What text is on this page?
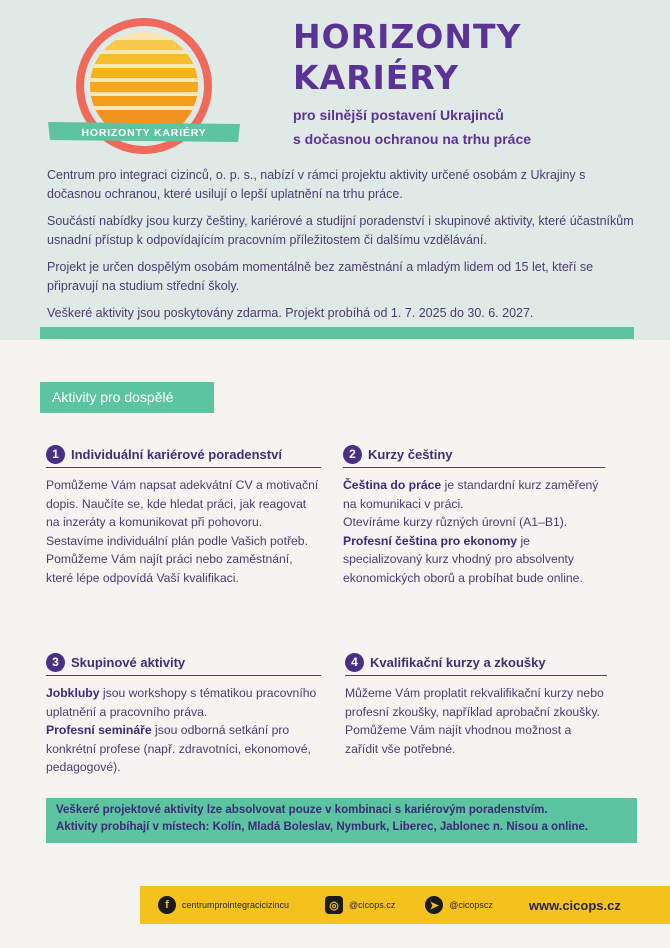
HORIZONTY KARIÉRY
HORIZONTY
KARIÉRY
pro silnější postavení Ukrajinců
s dočasnou ochranou na trhu práce

Centrum pro integraci cizinců, o. p. s., nabízí v rámci projektu aktivity určené osobám z Ukrajiny s dočasnou ochranou, které usilují o lepší uplatnění na trhu práce.

Součástí nabídky jsou kurzy češtiny, kariérové a studijní poradenství i skupinové aktivity, které účastníkům usnadní přístup k odpovídajícím pracovním příležitostem či dalšímu vzdělávání.

Projekt je určen dospělým osobám momentálně bez zaměstnání a mladým lidem od 15 let, kteří se připravují na studium střední školy.

Veškeré aktivity jsou poskytovány zdarma. Projekt probíhá od 1. 7. 2025 do 30. 6. 2027.

Aktivity pro dospělé
1 Individuální kariérové poradenství
Pomůžeme Vám napsat adekvátní CV a motivační dopis. Naučíte se, kde hledat práci, jak reagovat na inzeráty a komunikovat při pohovoru. Sestavíme individuální plán podle Vašich potřeb. Pomůžeme Vám najít práci nebo zaměstnání, které lépe odpovídá Vaší kvalifikaci.
2 Kurzy češtiny
Čeština do práce je standardní kurz zaměřený na komunikaci v práci.
Otevíráme kurzy různých úrovní (A1–B1).
Profesní čeština pro ekonomy je specializovaný kurz vhodný pro absolventy ekonomických oborů a probíhat bude online.
3 Skupinové aktivity
Jobkluby jsou workshopy s tématikou pracovního uplatnění a pracovního práva.
Profesní semináře jsou odborná setkání pro konkrétní profese (např. zdravotníci, ekonomové, pedagogové).
4 Kvalifikační kurzy a zkoušky
Můžeme Vám proplatit rekvalifikační kurzy nebo profesní zkoušky, například aprobační zkoušky.
Pomůžeme Vám najít vhodnou možnost a zařídit vše potřebné.
Veškeré projektové aktivity lze absolvovat pouze v kombinaci s kariérovým poradenstvím.
Aktivity probíhají v místech: Kolín, Mladá Boleslav, Nymburk, Liberec, Jablonec n. Nisou a online.
f	centrumprointegracicizincu	◎	@cicops.cz	➤	@cicopscz	www.cicops.cz
